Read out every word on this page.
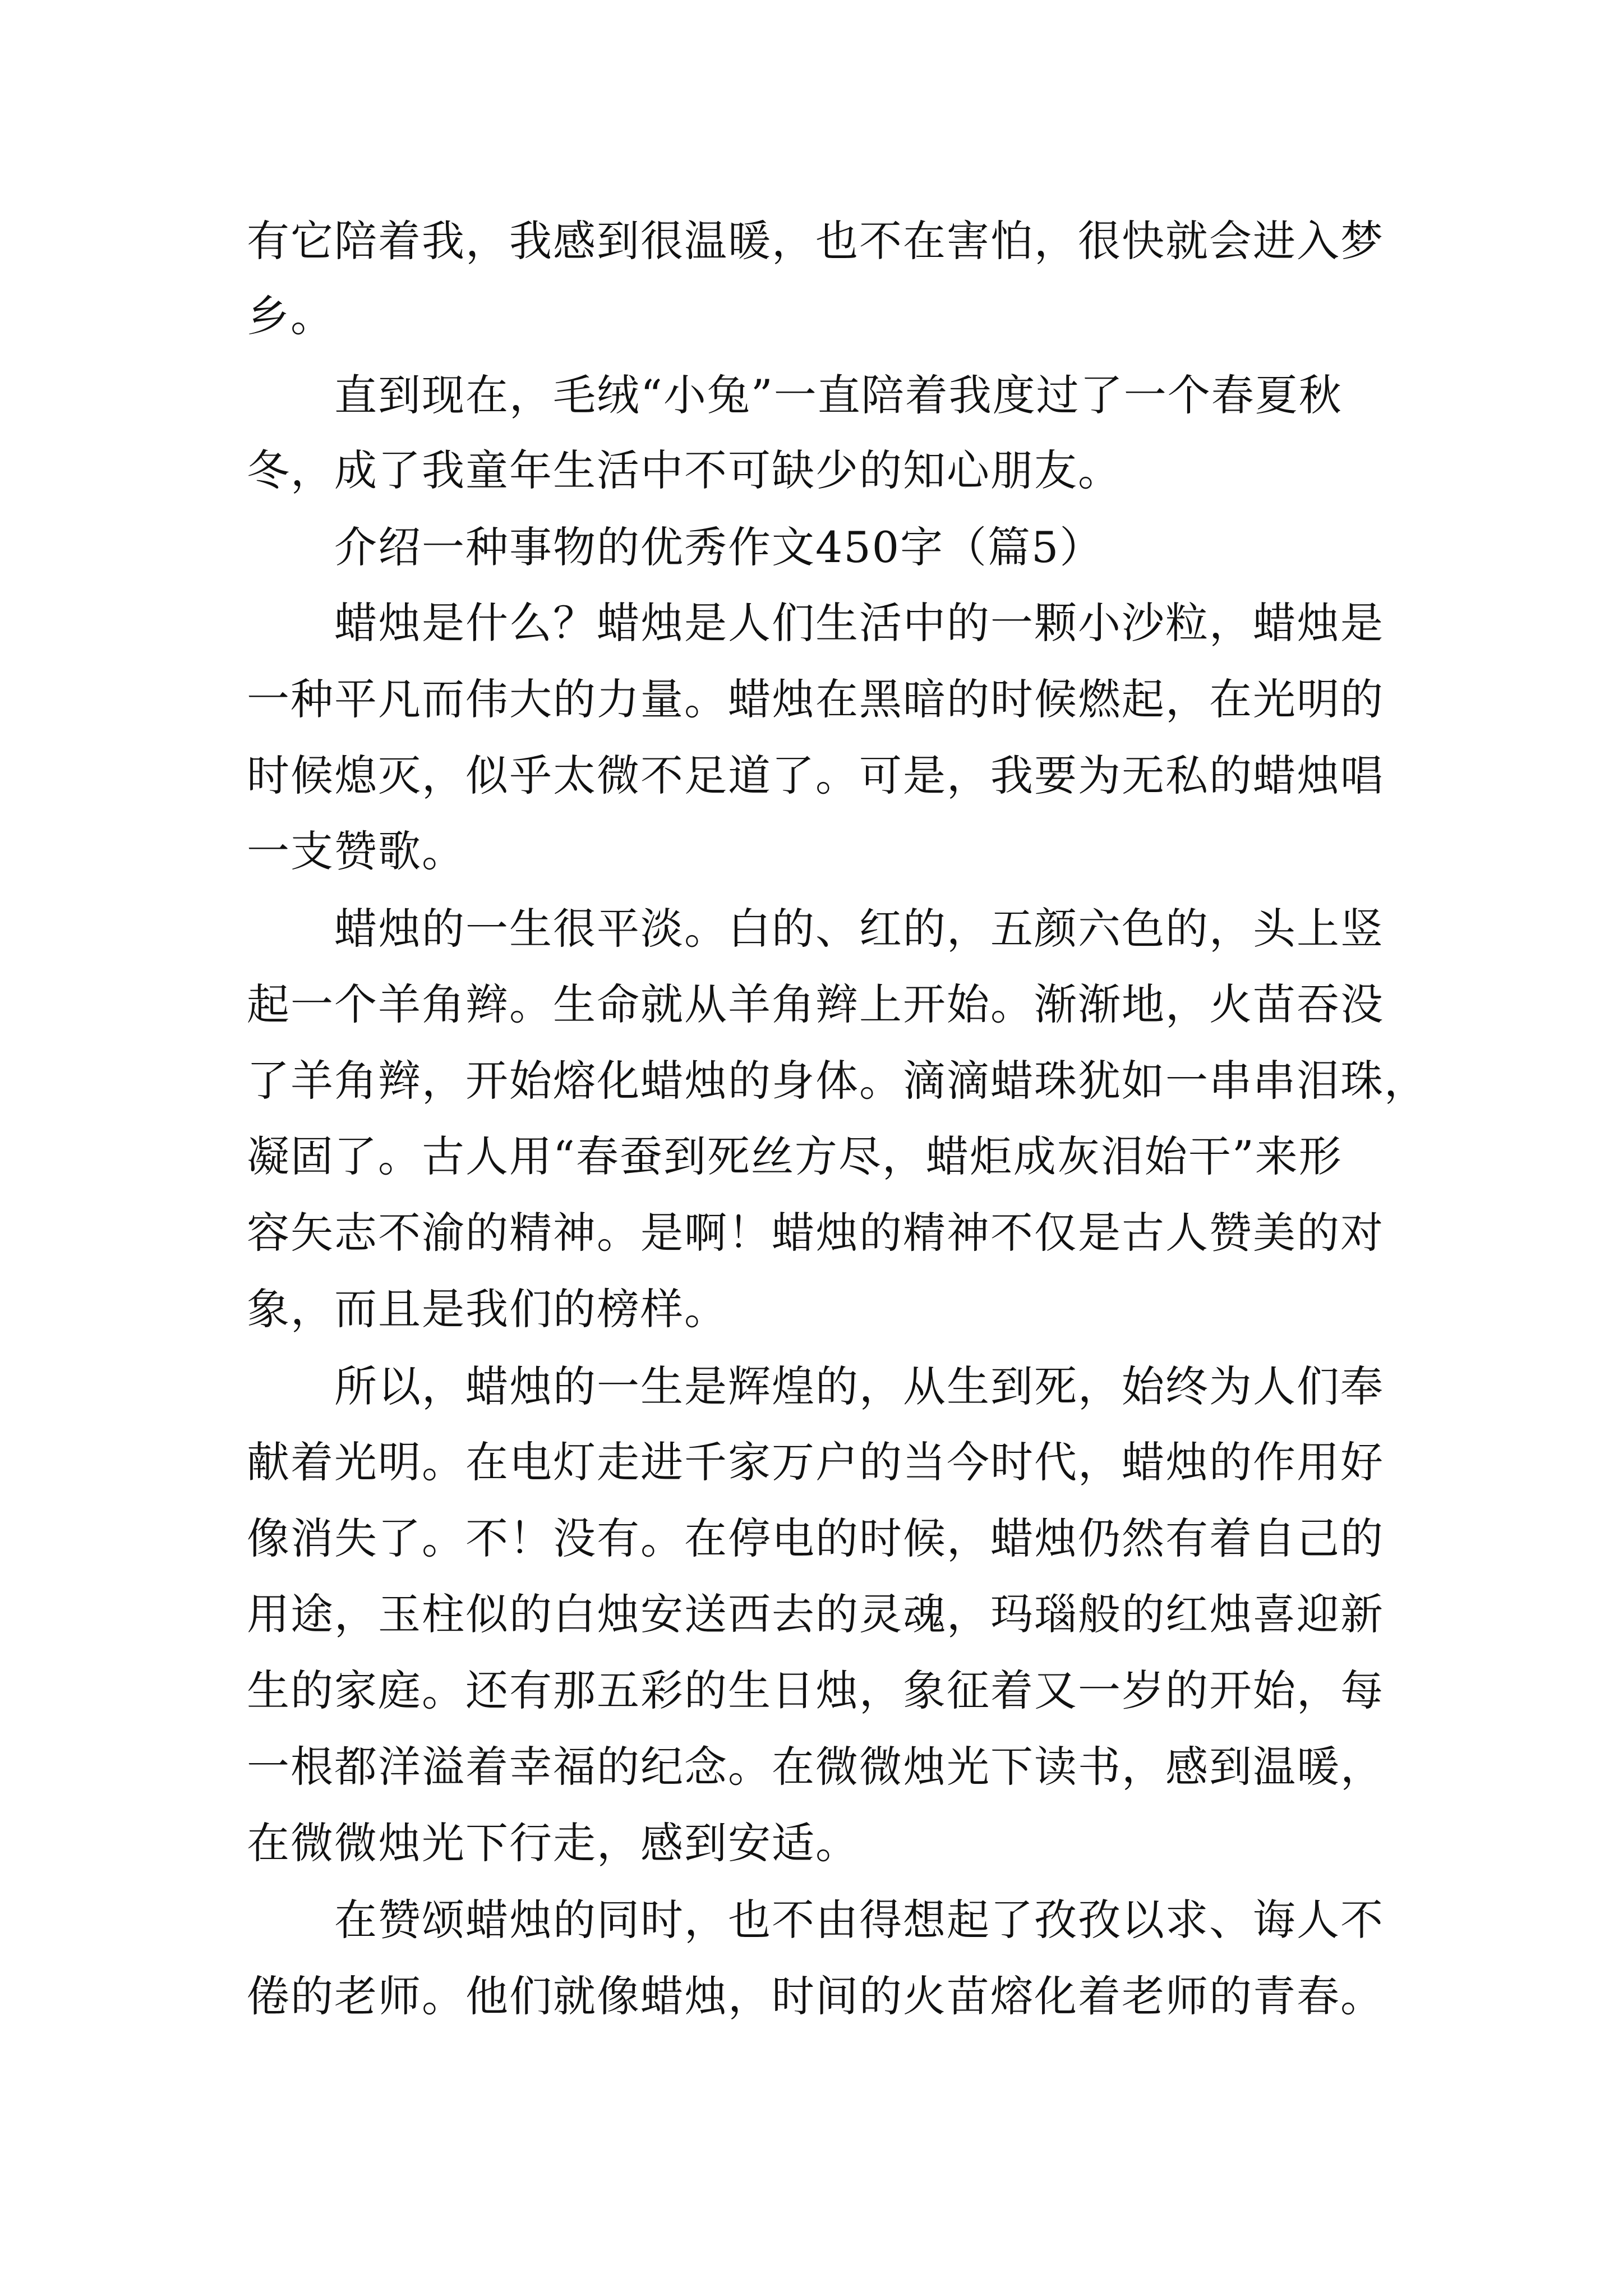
有它陪着我，我感到很温暖，也不在害怕，很快就会进入梦
乡。
直到现在，毛绒“小兔”一直陪着我度过了一个春夏秋
冬，成了我童年生活中不可缺少的知心朋友。
介绍一种事物的优秀作文450字（篇5）
蜡烛是什么？蜡烛是人们生活中的一颗小沙粒，蜡烛是
一种平凡而伟大的力量。蜡烛在黑暗的时候燃起，在光明的
时候熄灭，似乎太微不足道了。可是，我要为无私的蜡烛唱
一支赞歌。
蜡烛的一生很平淡。白的、红的，五颜六色的，头上竖
起一个羊角辫。生命就从羊角辫上开始。渐渐地，火苗吞没
了羊角辫，开始熔化蜡烛的身体。滴滴蜡珠犹如一串串泪珠，
凝固了。古人用“春蚕到死丝方尽，蜡炬成灰泪始干”来形
容矢志不渝的精神。是啊！蜡烛的精神不仅是古人赞美的对
象，而且是我们的榜样。
所以，蜡烛的一生是辉煌的，从生到死，始终为人们奉
献着光明。在电灯走进千家万户的当今时代，蜡烛的作用好
像消失了。不！没有。在停电的时候，蜡烛仍然有着自己的
用途，玉柱似的白烛安送西去的灵魂，玛瑙般的红烛喜迎新
生的家庭。还有那五彩的生日烛，象征着又一岁的开始，每
一根都洋溢着幸福的纪念。在微微烛光下读书，感到温暖，
在微微烛光下行走，感到安适。
在赞颂蜡烛的同时，也不由得想起了孜孜以求、诲人不
倦的老师。他们就像蜡烛，时间的火苗熔化着老师的青春。
